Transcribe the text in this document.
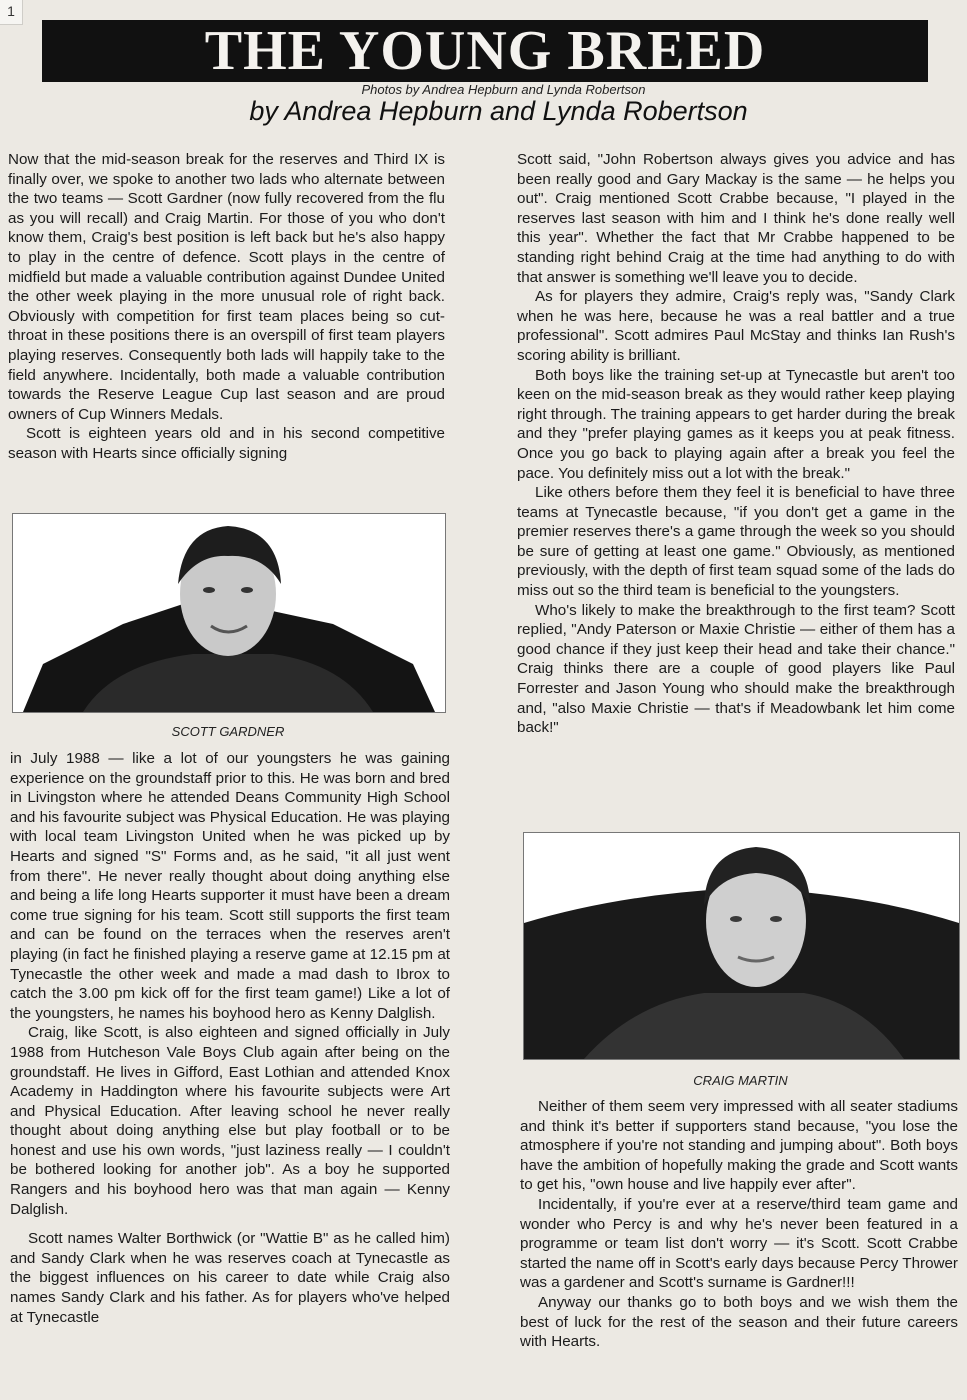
1
THE YOUNG BREED
Photos by Andrea Hepburn and Lynda Robertson
by Andrea Hepburn and Lynda Robertson

Now that the mid-season break for the reserves and Third IX is finally over, we spoke to another two lads who alternate between the two teams — Scott Gardner (now fully recovered from the flu as you will recall) and Craig Martin. For those of you who don't know them, Craig's best position is left back but he's also happy to play in the centre of defence. Scott plays in the centre of midfield but made a valuable contribution against Dundee United the other week playing in the more unusual role of right back. Obviously with competition for first team places being so cut-throat in these positions there is an overspill of first team players playing reserves. Consequently both lads will happily take to the field anywhere. Incidentally, both made a valuable contribution towards the Reserve League Cup last season and are proud owners of Cup Winners Medals.

Scott is eighteen years old and in his second competitive season with Hearts since officially signing

SCOTT GARDNER

in July 1988 — like a lot of our youngsters he was gaining experience on the groundstaff prior to this. He was born and bred in Livingston where he attended Deans Community High School and his favourite subject was Physical Education. He was playing with local team Livingston United when he was picked up by Hearts and signed "S" Forms and, as he said, "it all just went from there". He never really thought about doing anything else and being a life long Hearts supporter it must have been a dream come true signing for his team. Scott still supports the first team and can be found on the terraces when the reserves aren't playing (in fact he finished playing a reserve game at 12.15 pm at Tynecastle the other week and made a mad dash to Ibrox to catch the 3.00 pm kick off for the first team game!) Like a lot of the youngsters, he names his boyhood hero as Kenny Dalglish.

Craig, like Scott, is also eighteen and signed officially in July 1988 from Hutcheson Vale Boys Club again after being on the groundstaff. He lives in Gifford, East Lothian and attended Knox Academy in Haddington where his favourite subjects were Art and Physical Education. After leaving school he never really thought about doing anything else but play football or to be honest and use his own words, "just laziness really — I couldn't be bothered looking for another job". As a boy he supported Rangers and his boyhood hero was that man again — Kenny Dalglish.

Scott names Walter Borthwick (or "Wattie B" as he called him) and Sandy Clark when he was reserves coach at Tynecastle as the biggest influences on his career to date while Craig also names Sandy Clark and his father. As for players who've helped at Tynecastle

Scott said, "John Robertson always gives you advice and has been really good and Gary Mackay is the same — he helps you out". Craig mentioned Scott Crabbe because, "I played in the reserves last season with him and I think he's done really well this year". Whether the fact that Mr Crabbe happened to be standing right behind Craig at the time had anything to do with that answer is something we'll leave you to decide.

As for players they admire, Craig's reply was, "Sandy Clark when he was here, because he was a real battler and a true professional". Scott admires Paul McStay and thinks Ian Rush's scoring ability is brilliant.

Both boys like the training set-up at Tynecastle but aren't too keen on the mid-season break as they would rather keep playing right through. The training appears to get harder during the break and they "prefer playing games as it keeps you at peak fitness. Once you go back to playing again after a break you feel the pace. You definitely miss out a lot with the break."

Like others before them they feel it is beneficial to have three teams at Tynecastle because, "if you don't get a game in the premier reserves there's a game through the week so you should be sure of getting at least one game." Obviously, as mentioned previously, with the depth of first team squad some of the lads do miss out so the third team is beneficial to the youngsters.

Who's likely to make the breakthrough to the first team? Scott replied, "Andy Paterson or Maxie Christie — either of them has a good chance if they just keep their head and take their chance." Craig thinks there are a couple of good players like Paul Forrester and Jason Young who should make the breakthrough and, "also Maxie Christie — that's if Meadowbank let him come back!"

CRAIG MARTIN

Neither of them seem very impressed with all seater stadiums and think it's better if supporters stand because, "you lose the atmosphere if you're not standing and jumping about". Both boys have the ambition of hopefully making the grade and Scott wants to get his, "own house and live happily ever after".

Incidentally, if you're ever at a reserve/third team game and wonder who Percy is and why he's never been featured in a programme or team list don't worry — it's Scott. Scott Crabbe started the name off in Scott's early days because Percy Thrower was a gardener and Scott's surname is Gardner!!!

Anyway our thanks go to both boys and we wish them the best of luck for the rest of the season and their future careers with Hearts.
